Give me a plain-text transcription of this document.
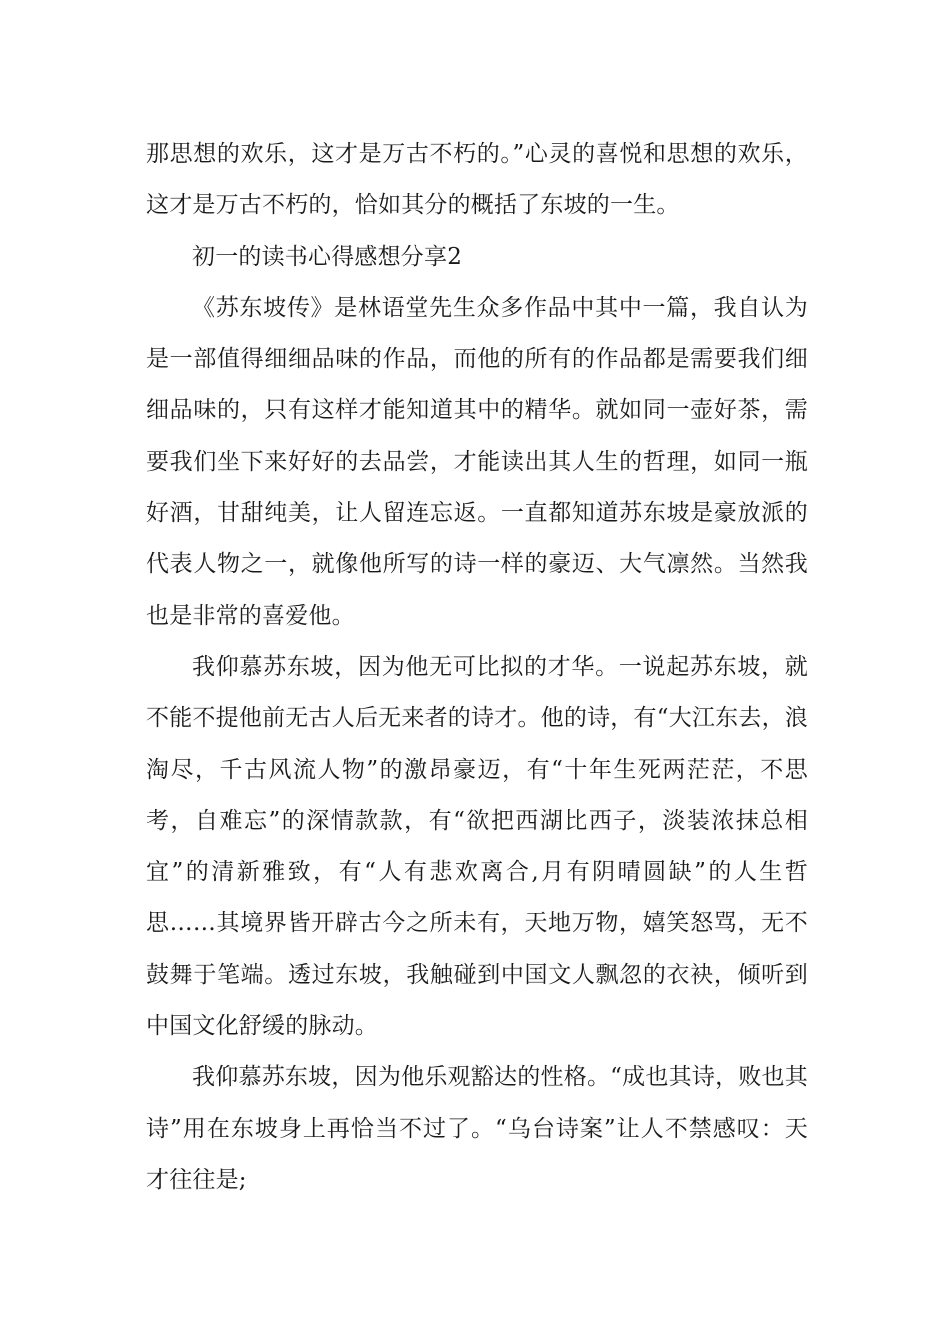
那思想的欢乐，这才是万古不朽的。”心灵的喜悦和思想的欢乐，这才是万古不朽的，恰如其分的概括了东坡的一生。

初一的读书心得感想分享2

《苏东坡传》是林语堂先生众多作品中其中一篇，我自认为是一部值得细细品味的作品，而他的所有的作品都是需要我们细细品味的，只有这样才能知道其中的精华。就如同一壶好茶，需要我们坐下来好好的去品尝，才能读出其人生的哲理，如同一瓶好酒，甘甜纯美，让人留连忘返。一直都知道苏东坡是豪放派的代表人物之一，就像他所写的诗一样的豪迈、大气凛然。当然我也是非常的喜爱他。

我仰慕苏东坡，因为他无可比拟的才华。一说起苏东坡，就不能不提他前无古人后无来者的诗才。他的诗，有“大江东去，浪淘尽，千古风流人物”的激昂豪迈，有“十年生死两茫茫，不思考，自难忘”的深情款款，有“欲把西湖比西子，淡装浓抹总相宜”的清新雅致，有“人有悲欢离合,月有阴晴圆缺”的人生哲思……其境界皆开辟古今之所未有，天地万物，嬉笑怒骂，无不鼓舞于笔端。透过东坡，我触碰到中国文人飘忽的衣袂，倾听到中国文化舒缓的脉动。

我仰慕苏东坡，因为他乐观豁达的性格。“成也其诗，败也其诗”用在东坡身上再恰当不过了。“乌台诗案”让人不禁感叹：天才往往是;
